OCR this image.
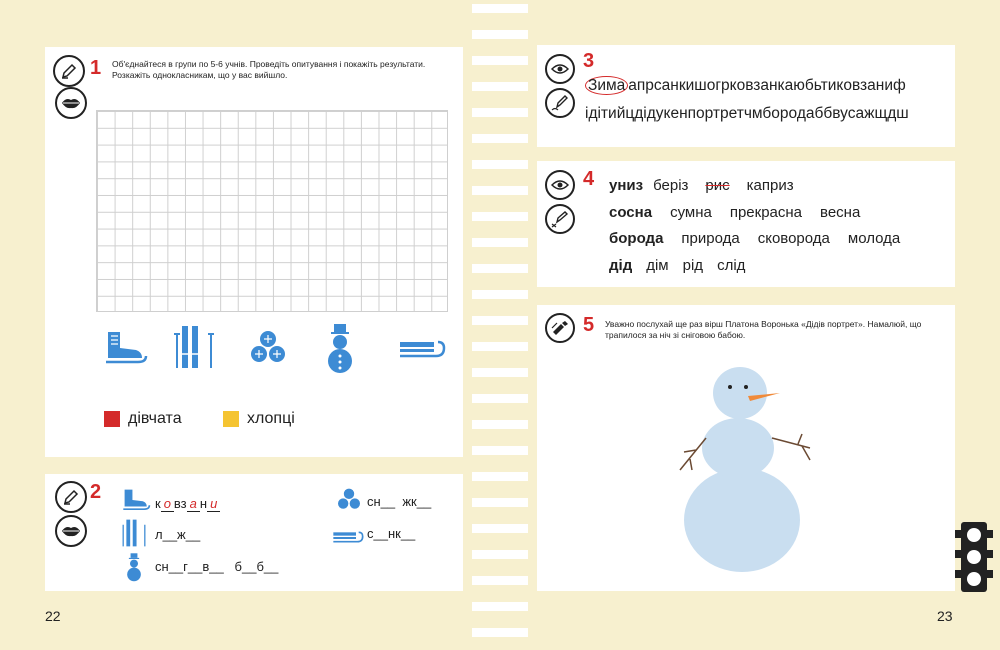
1 Об'єднайтеся в групи по 5-6 учнів. Проведіть опитування і покажіть результати. Розкажіть однокласникам, що у вас вийшло.
дівчата	хлопці
2
к о вз а н и
л__ж__
сн__г__в__   б__б__
сн__  жк__
с__нк__
22
3
Зима апрсанкишогрковзанкаюбьтиковзаниф
ідітийцдідукенпортретчмбородаббвусажщдш
4 униз беріз рис каприз
сосна сумна прекрасна весна
борода природа сковорода молода
дід дім рід слід
5 Уважно послухай ще раз вірш Платона Воронька «Дідів портрет». Намалюй, що трапилося за ніч зі сніговою бабою.
23
